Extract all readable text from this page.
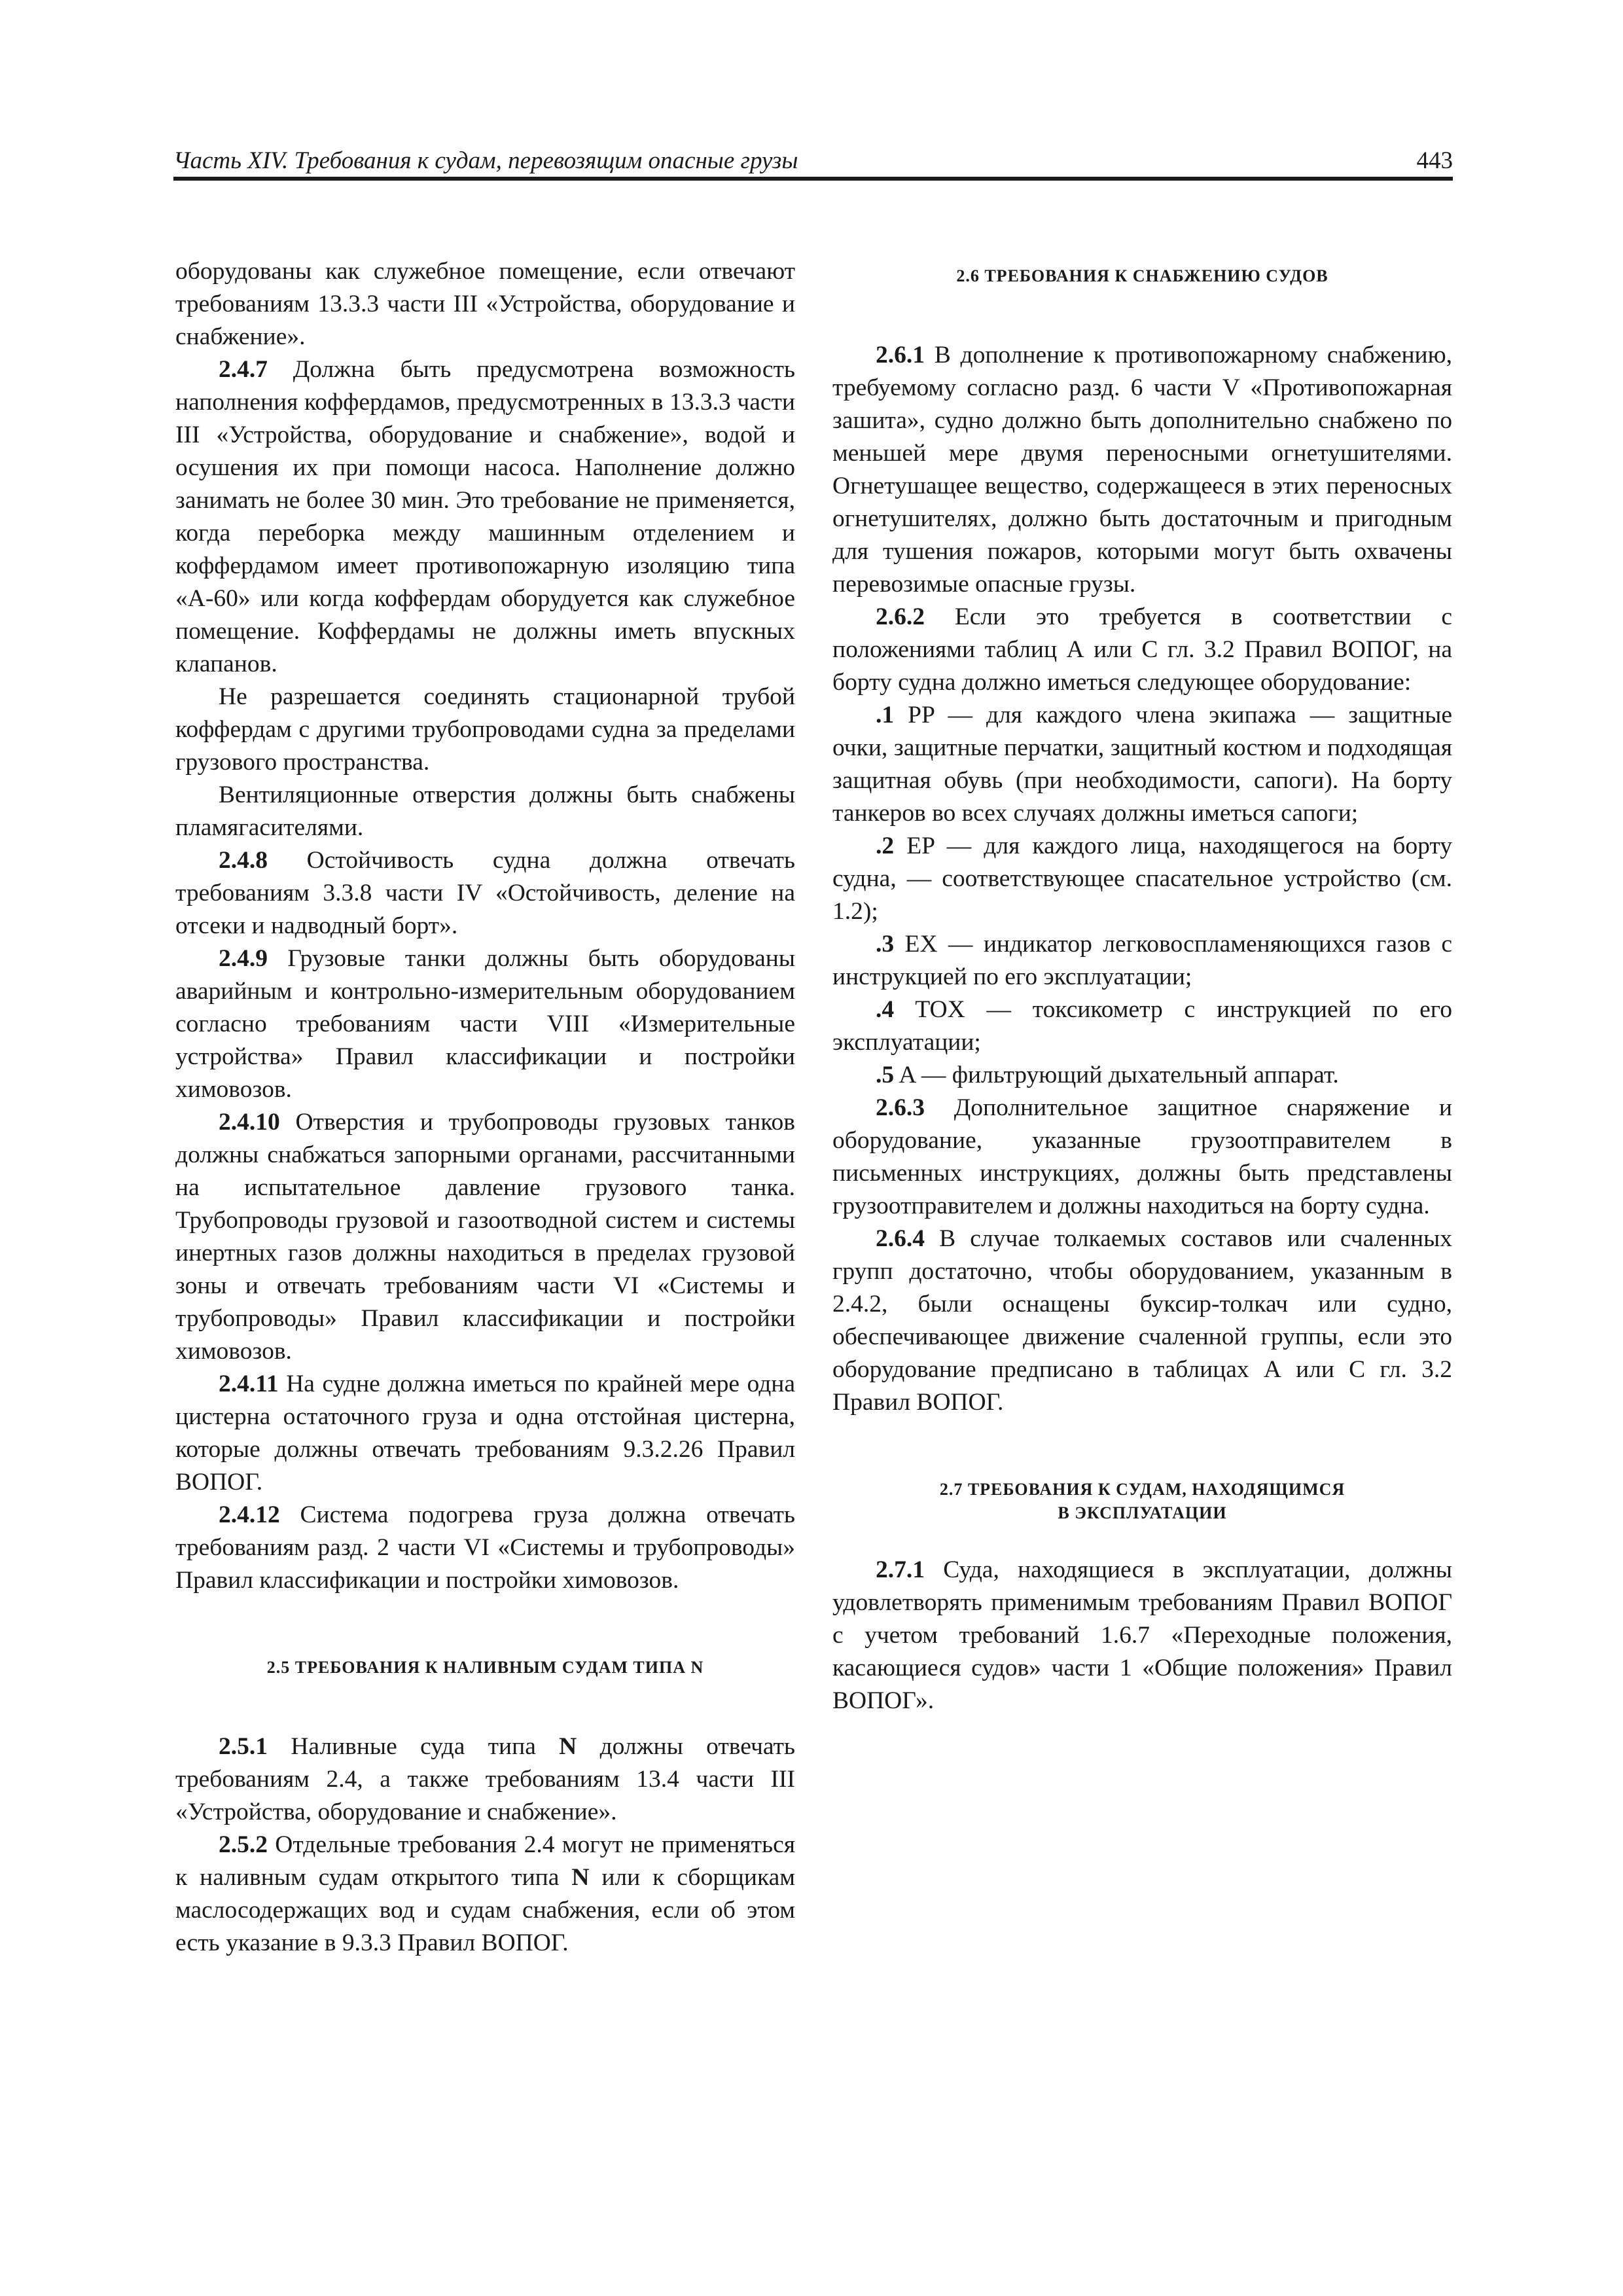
Часть XIV. Требования к судам, перевозящим опасные грузы	443

оборудованы как служебное помещение, если отвечают требованиям 13.3.3 части III «Устройства, оборудование и снабжение».

2.4.7 Должна быть предусмотрена возможность наполнения коффердамов, предусмотренных в 13.3.3 части III «Устройства, оборудование и снабжение», водой и осушения их при помощи насоса. Наполнение должно занимать не более 30 мин. Это требование не применяется, когда переборка между машинным отделением и коффердамом имеет противопожарную изоляцию типа «А-60» или когда коффердам оборудуется как служебное помещение. Коффердамы не должны иметь впускных клапанов.

Не разрешается соединять стационарной трубой коффердам с другими трубопроводами судна за пределами грузового пространства.

Вентиляционные отверстия должны быть снабжены пламягасителями.

2.4.8 Остойчивость судна должна отвечать требованиям 3.3.8 части IV «Остойчивость, деление на отсеки и надводный борт».

2.4.9 Грузовые танки должны быть оборудованы аварийным и контрольно-измерительным оборудованием согласно требованиям части VIII «Измерительные устройства» Правил классификации и постройки химовозов.

2.4.10 Отверстия и трубопроводы грузовых танков должны снабжаться запорными органами, рассчитанными на испытательное давление грузового танка. Трубопроводы грузовой и газоотводной систем и системы инертных газов должны находиться в пределах грузовой зоны и отвечать требованиям части VI «Системы и трубопроводы» Правил классификации и постройки химовозов.

2.4.11 На судне должна иметься по крайней мере одна цистерна остаточного груза и одна отстойная цистерна, которые должны отвечать требованиям 9.3.2.26 Правил ВОПОГ.

2.4.12 Система подогрева груза должна отвечать требованиям разд. 2 части VI «Системы и трубопроводы» Правил классификации и постройки химовозов.

2.5 ТРЕБОВАНИЯ К НАЛИВНЫМ СУДАМ ТИПА N

2.5.1 Наливные суда типа N должны отвечать требованиям 2.4, а также требованиям 13.4 части III «Устройства, оборудование и снабжение».

2.5.2 Отдельные требования 2.4 могут не применяться к наливным судам открытого типа N или к сборщикам маслосодержащих вод и судам снабжения, если об этом есть указание в 9.3.3 Правил ВОПОГ.

2.6 ТРЕБОВАНИЯ К СНАБЖЕНИЮ СУДОВ

2.6.1 В дополнение к противопожарному снабжению, требуемому согласно разд. 6 части V «Противопожарная зашита», судно должно быть дополнительно снабжено по меньшей мере двумя переносными огнетушителями. Огнетушащее вещество, содержащееся в этих переносных огнетушителях, должно быть достаточным и пригодным для тушения пожаров, которыми могут быть охвачены перевозимые опасные грузы.

2.6.2 Если это требуется в соответствии с положениями таблиц А или С гл. 3.2 Правил ВОПОГ, на борту судна должно иметься следующее оборудование:

.1 PP — для каждого члена экипажа — защитные очки, защитные перчатки, защитный костюм и подходящая защитная обувь (при необходимости, сапоги). На борту танкеров во всех случаях должны иметься сапоги;

.2 EP — для каждого лица, находящегося на борту судна, — соответствующее спасательное устройство (см. 1.2);

.3 EX — индикатор легковоспламеняющихся газов с инструкцией по его эксплуатации;

.4 TOX — токсикометр с инструкцией по его эксплуатации;

.5 A — фильтрующий дыхательный аппарат.

2.6.3 Дополнительное защитное снаряжение и оборудование, указанные грузоотправителем в письменных инструкциях, должны быть представлены грузоотправителем и должны находиться на борту судна.

2.6.4 В случае толкаемых составов или счаленных групп достаточно, чтобы оборудованием, указанным в 2.4.2, были оснащены буксир-толкач или судно, обеспечивающее движение счаленной группы, если это оборудование предписано в таблицах А или С гл. 3.2 Правил ВОПОГ.

2.7 ТРЕБОВАНИЯ К СУДАМ, НАХОДЯЩИМСЯ

В ЭКСПЛУАТАЦИИ

2.7.1 Суда, находящиеся в эксплуатации, должны удовлетворять применимым требованиям Правил ВОПОГ с учетом требований 1.6.7 «Переходные положения, касающиеся судов» части 1 «Общие положения» Правил ВОПОГ».
